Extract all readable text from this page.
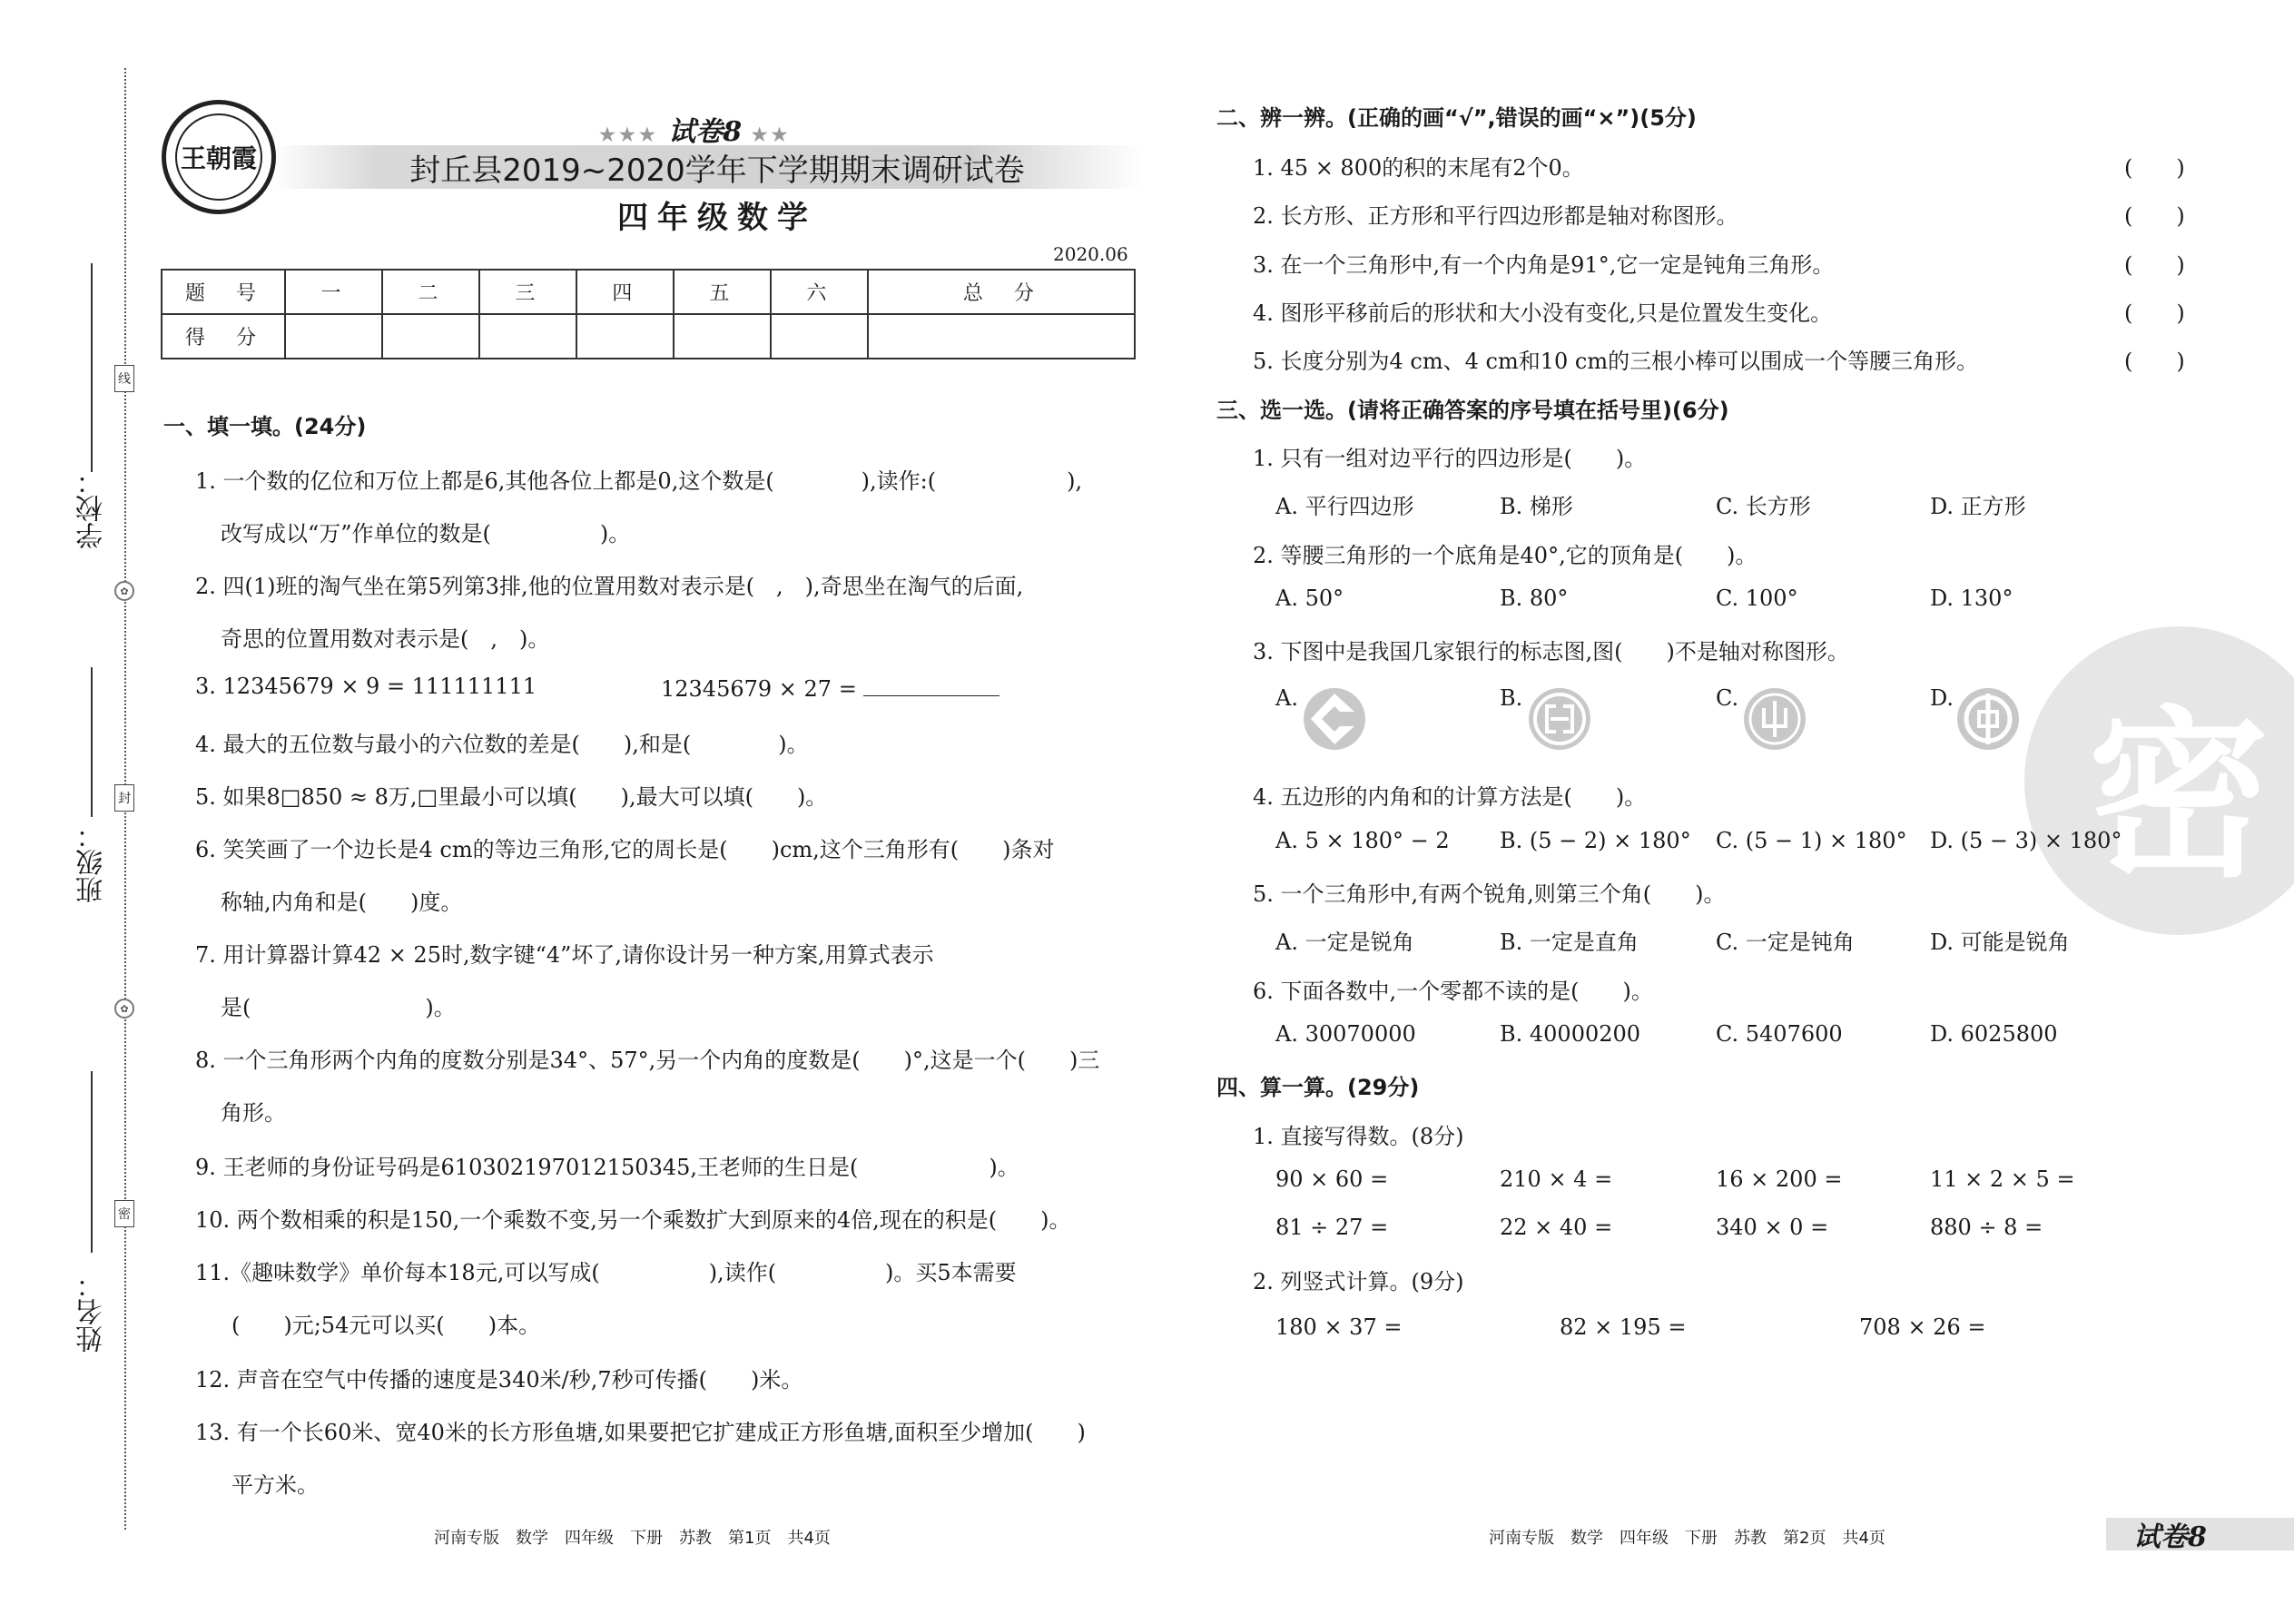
学校：
班级：
姓名：
线
封
密
✿
✿
王朝霞
★★★ 试卷8 ★★
封丘县2019~2020学年下学期期末调研试卷
四年级数学
2020.06
题　号	一	二	三	四	五	六	总　分
得　分							
一、填一填。(24分)
1. 一个数的亿位和万位上都是6,其他各位上都是0,这个数是(　　　　),读作:(　　　　　　),
改写成以“万”作单位的数是(　　　　　)。
2. 四(1)班的淘气坐在第5列第3排,他的位置用数对表示是(　,　),奇思坐在淘气的后面,
奇思的位置用数对表示是(　,　)。
3. 12345679 × 9 = 111111111	12345679 × 27 =
4. 最大的五位数与最小的六位数的差是(　　),和是(　　　　)。
5. 如果8□850 ≈ 8万,□里最小可以填(　　),最大可以填(　　)。
6. 笑笑画了一个边长是4 cm的等边三角形,它的周长是(　　)cm,这个三角形有(　　)条对
称轴,内角和是(　　)度。
7. 用计算器计算42 × 25时,数字键“4”坏了,请你设计另一种方案,用算式表示
是(　　　　　　　　)。
8. 一个三角形两个内角的度数分别是34°、57°,另一个内角的度数是(　　)°,这是一个(　　)三
角形。
9. 王老师的身份证号码是610302197012150345,王老师的生日是(　　　　　　)。
10. 两个数相乘的积是150,一个乘数不变,另一个乘数扩大到原来的4倍,现在的积是(　　)。
11.《趣味数学》单价每本18元,可以写成(　　　　　),读作(　　　　　)。买5本需要
(　　)元;54元可以买(　　)本。
12. 声音在空气中传播的速度是340米/秒,7秒可传播(　　)米。
13. 有一个长60米、宽40米的长方形鱼塘,如果要把它扩建成正方形鱼塘,面积至少增加(　　)
平方米。
河南专版　数学　四年级　下册　苏教　第1页　共4页
密
二、辨一辨。(正确的画“√”,错误的画“×”)(5分)
1. 45 × 800的积的末尾有2个0。	(　　)
2. 长方形、正方形和平行四边形都是轴对称图形。	(　　)
3. 在一个三角形中,有一个内角是91°,它一定是钝角三角形。	(　　)
4. 图形平移前后的形状和大小没有变化,只是位置发生变化。	(　　)
5. 长度分别为4 cm、4 cm和10 cm的三根小棒可以围成一个等腰三角形。	(　　)
三、选一选。(请将正确答案的序号填在括号里)(6分)
1. 只有一组对边平行的四边形是(　　)。
A. 平行四边形	B. 梯形	C. 长方形	D. 正方形
2. 等腰三角形的一个底角是40°,它的顶角是(　　)。
A. 50°	B. 80°	C. 100°	D. 130°
3. 下图中是我国几家银行的标志图,图(　　)不是轴对称图形。
A.	B.	C.	D.
4. 五边形的内角和的计算方法是(　　)。
A. 5 × 180° − 2 B. (5 − 2) × 180° C. (5 − 1) × 180° D. (5 − 3) × 180°
5. 一个三角形中,有两个锐角,则第三个角(　　)。
A. 一定是锐角	B. 一定是直角	C. 一定是钝角	D. 可能是锐角
6. 下面各数中,一个零都不读的是(　　)。
A. 30070000	B. 40000200	C. 5407600	D. 6025800
四、算一算。(29分)
1. 直接写得数。(8分)
90 × 60 =	210 × 4 =	16 × 200 =	11 × 2 × 5 =
81 ÷ 27 =	22 × 40 =	340 × 0 =	880 ÷ 8 =
2. 列竖式计算。(9分)
180 × 37 =	82 × 195 =	708 × 26 =
河南专版　数学　四年级　下册　苏教　第2页　共4页	试卷8
